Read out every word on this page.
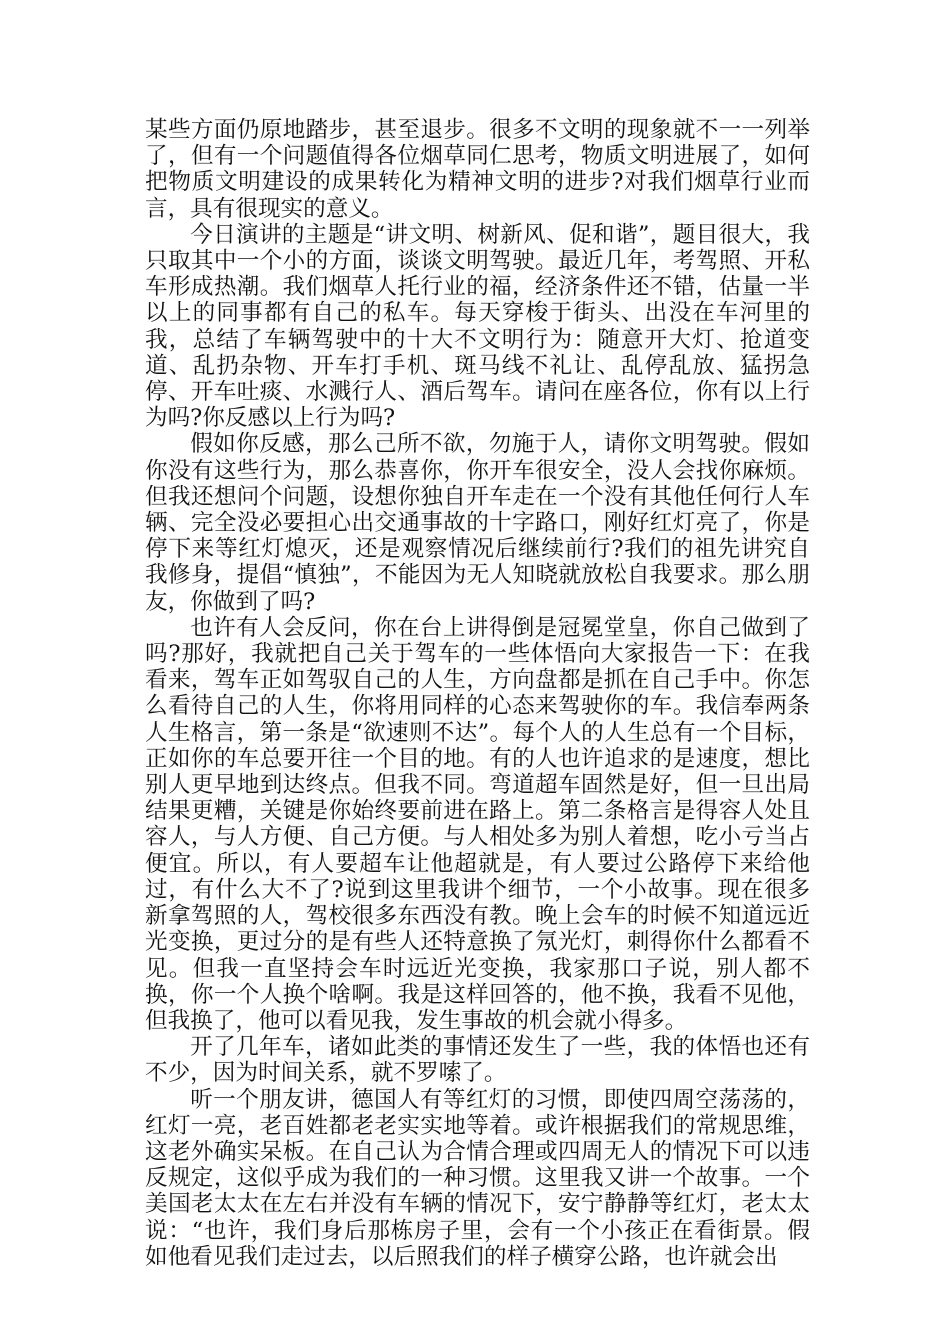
某些方面仍原地踏步，甚至退步。很多不文明的现象就不一一列举了，但有一个问题值得各位烟草同仁思考，物质文明进展了，如何把物质文明建设的成果转化为精神文明的进步?对我们烟草行业而言，具有很现实的意义。

今日演讲的主题是“讲文明、树新风、促和谐”，题目很大，我只取其中一个小的方面，谈谈文明驾驶。最近几年，考驾照、开私车形成热潮。我们烟草人托行业的福，经济条件还不错，估量一半以上的同事都有自己的私车。每天穿梭于街头、出没在车河里的我，总结了车辆驾驶中的十大不文明行为：随意开大灯、抢道变道、乱扔杂物、开车打手机、斑马线不礼让、乱停乱放、猛拐急停、开车吐痰、水溅行人、酒后驾车。请问在座各位，你有以上行为吗?你反感以上行为吗?

假如你反感，那么己所不欲，勿施于人，请你文明驾驶。假如你没有这些行为，那么恭喜你，你开车很安全，没人会找你麻烦。但我还想问个问题，设想你独自开车走在一个没有其他任何行人车辆、完全没必要担心出交通事故的十字路口，刚好红灯亮了，你是停下来等红灯熄灭，还是观察情况后继续前行?我们的祖先讲究自我修身，提倡“慎独”，不能因为无人知晓就放松自我要求。那么朋友，你做到了吗?

也许有人会反问，你在台上讲得倒是冠冕堂皇，你自己做到了吗?那好，我就把自己关于驾车的一些体悟向大家报告一下：在我看来，驾车正如驾驭自己的人生，方向盘都是抓在自己手中。你怎么看待自己的人生，你将用同样的心态来驾驶你的车。我信奉两条人生格言，第一条是“欲速则不达”。每个人的人生总有一个目标，正如你的车总要开往一个目的地。有的人也许追求的是速度，想比别人更早地到达终点。但我不同。弯道超车固然是好，但一旦出局结果更糟，关键是你始终要前进在路上。第二条格言是得容人处且容人，与人方便、自己方便。与人相处多为别人着想，吃小亏当占便宜。所以，有人要超车让他超就是，有人要过公路停下来给他过，有什么大不了?说到这里我讲个细节，一个小故事。现在很多新拿驾照的人，驾校很多东西没有教。晚上会车的时候不知道远近光变换，更过分的是有些人还特意换了氖光灯，刺得你什么都看不见。但我一直坚持会车时远近光变换，我家那口子说，别人都不换，你一个人换个啥啊。我是这样回答的，他不换，我看不见他，但我换了，他可以看见我，发生事故的机会就小得多。

开了几年车，诸如此类的事情还发生了一些，我的体悟也还有不少，因为时间关系，就不罗嗦了。

听一个朋友讲，德国人有等红灯的习惯，即使四周空荡荡的，红灯一亮，老百姓都老老实实地等着。或许根据我们的常规思维，这老外确实呆板。在自己认为合情合理或四周无人的情况下可以违反规定，这似乎成为我们的一种习惯。这里我又讲一个故事。一个美国老太太在左右并没有车辆的情况下，安宁静静等红灯，老太太说：“也许，我们身后那栋房子里，会有一个小孩正在看街景。假如他看见我们走过去，以后照我们的样子横穿公路，也许就会出
